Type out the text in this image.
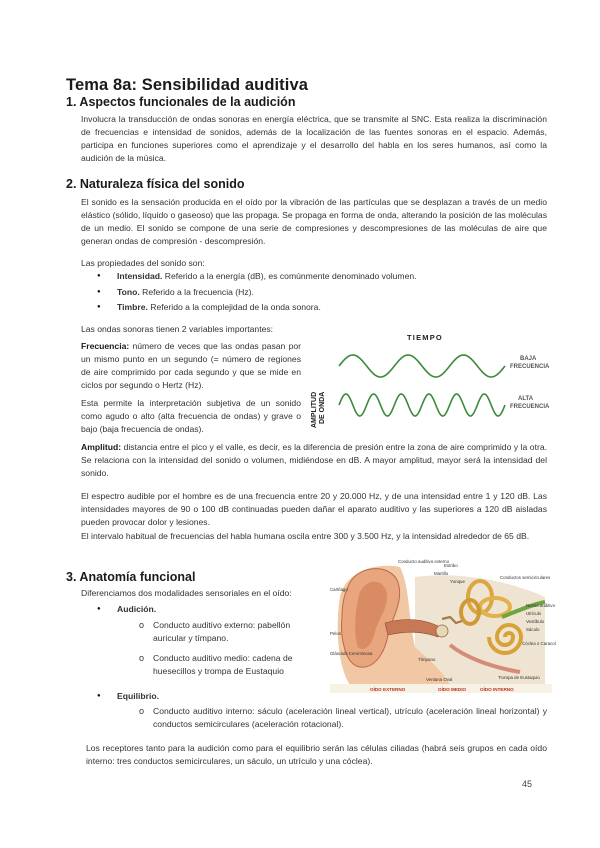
Tema 8a: Sensibilidad auditiva
1. Aspectos funcionales de la audición
Involucra la transducción de ondas sonoras en energía eléctrica, que se transmite al SNC. Esta realiza la discriminación de frecuencias e intensidad de sonidos, además de la localización de las fuentes sonoras en el espacio. Además, participa en funciones superiores como el aprendizaje y el desarrollo del habla en los seres humanos, así como la audición de la música.
2. Naturaleza física del sonido
El sonido es la sensación producida en el oído por la vibración de las partículas que se desplazan a través de un medio elástico (sólido, líquido o gaseoso) que las propaga. Se propaga en forma de onda, alterando la posición de las moléculas de un medio. El sonido se compone de una serie de compresiones y descompresiones de las moléculas de aire que generan ondas de compresión - descompresión.
Las propiedades del sonido son:
● Intensidad. Referido a la energía (dB), es comúnmente denominado volumen.
● Tono. Referido a la frecuencia (Hz).
● Timbre. Referido a la complejidad de la onda sonora.
Las ondas sonoras tienen 2 variables importantes:
Frecuencia: número de veces que las ondas pasan por un mismo punto en un segundo (= número de regiones de aire comprimido por cada segundo y que se mide en ciclos por segundo o Hertz (Hz).
Esta permite la interpretación subjetiva de un sonido como agudo o alto (alta frecuencia de ondas) y grave o bajo (baja frecuencia de ondas).
TIEMPO
AMPLITUD DE ONDA
BAJA
FRECUENCIA
ALTA
FRECUENCIA
Amplitud: distancia entre el pico y el valle, es decir, es la diferencia de presión entre la zona de aire comprimido y la otra. Se relaciona con la intensidad del sonido o volumen, midiéndose en dB. A mayor amplitud, mayor será la intensidad del sonido.
El espectro audible por el hombre es de una frecuencia entre 20 y 20.000 Hz, y de una intensidad entre 1 y 120 dB. Las intensidades mayores de 90 o 100 dB continuadas pueden dañar el aparato auditivo y las superiores a 120 dB aisladas pueden provocar dolor y lesiones.
El intervalo habitual de frecuencias del habla humana oscila entre 300 y 3.500 Hz, y la intensidad alrededor de 65 dB.
3. Anatomía funcional
Diferenciamos dos modalidades sensoriales en el oído:
● Audición.
o Conducto auditivo externo: pabellón auricular y tímpano.
o Conducto auditivo medio: cadena de huesecillos y trompa de Eustaquio
● Equilibrio.
o Conducto auditivo interno: sáculo (aceleración lineal vertical), utrículo (aceleración lineal horizontal) y conductos semicirculares (aceleración rotacional).
Los receptores tanto para la audición como para el equilibrio serán las células ciliadas (habrá seis grupos en cada oído interno: tres conductos semicirculares, un sáculo, un utrículo y una cóclea).
Conducto auditivo externo
Estribo
Martillo
Yunque
Cartílago
Conductos semicirculares
Nervio auditivo
Utrículo
Vestíbulo
Sáculo
Cóclea o Caracol
Pelos
Glándula Ceruminosa
Tímpano
Trompa de Eustaquio
Ventana Oval
OÍDO EXTERNO	OÍDO MEDIO	OÍDO INTERNO
45
